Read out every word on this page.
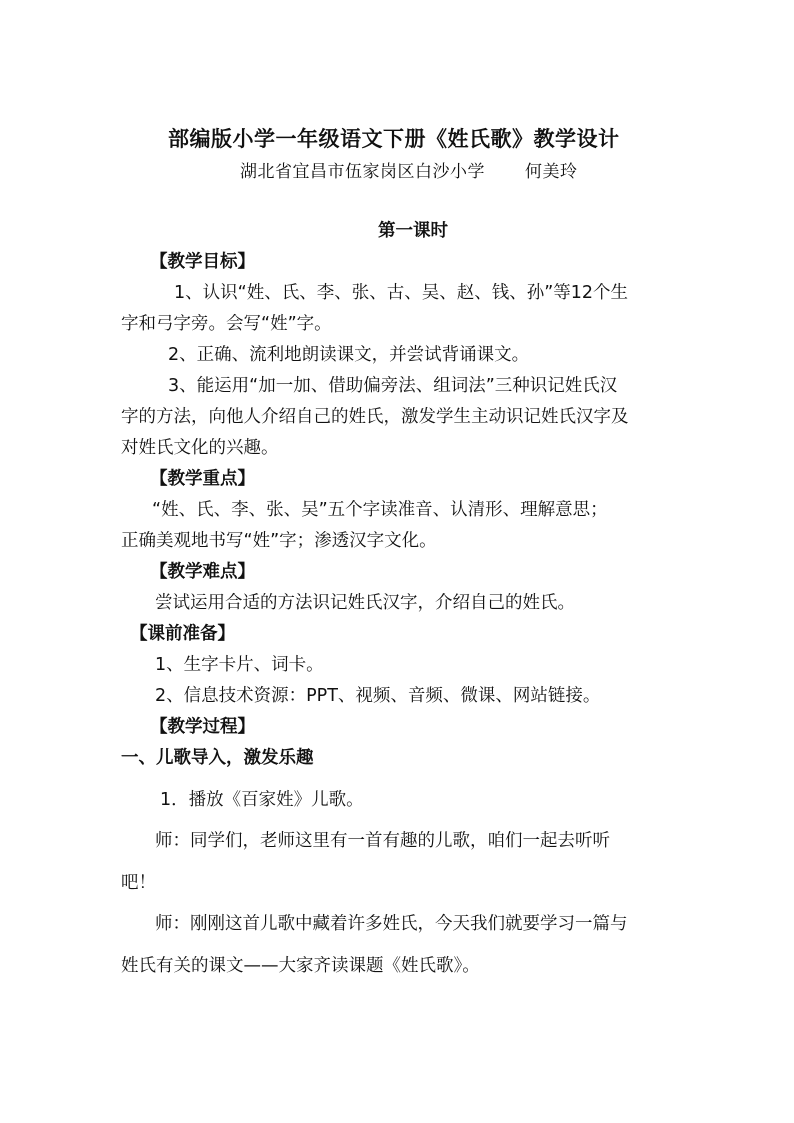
部编版小学一年级语文下册《姓氏歌》教学设计
湖北省宜昌市伍家岗区白沙小学 何美玲
第一课时
【教学目标】
1、认识“姓、氏、李、张、古、吴、赵、钱、孙”等12个生
字和弓字旁。会写“姓”字。
2、正确、流利地朗读课文，并尝试背诵课文。
3、能运用“加一加、借助偏旁法、组词法”三种识记姓氏汉
字的方法，向他人介绍自己的姓氏，激发学生主动识记姓氏汉字及
对姓氏文化的兴趣。
【教学重点】
“姓、氏、李、张、吴”五个字读准音、认清形、理解意思；
正确美观地书写“姓”字；渗透汉字文化。
【教学难点】
尝试运用合适的方法识记姓氏汉字，介绍自己的姓氏。
【课前准备】
1、生字卡片、词卡。
2、信息技术资源：PPT、视频、音频、微课、网站链接。
【教学过程】
一、儿歌导入，激发乐趣
1．播放《百家姓》儿歌。
师：同学们，老师这里有一首有趣的儿歌，咱们一起去听听
吧！
师：刚刚这首儿歌中藏着许多姓氏，今天我们就要学习一篇与
姓氏有关的课文——大家齐读课题《姓氏歌》。
